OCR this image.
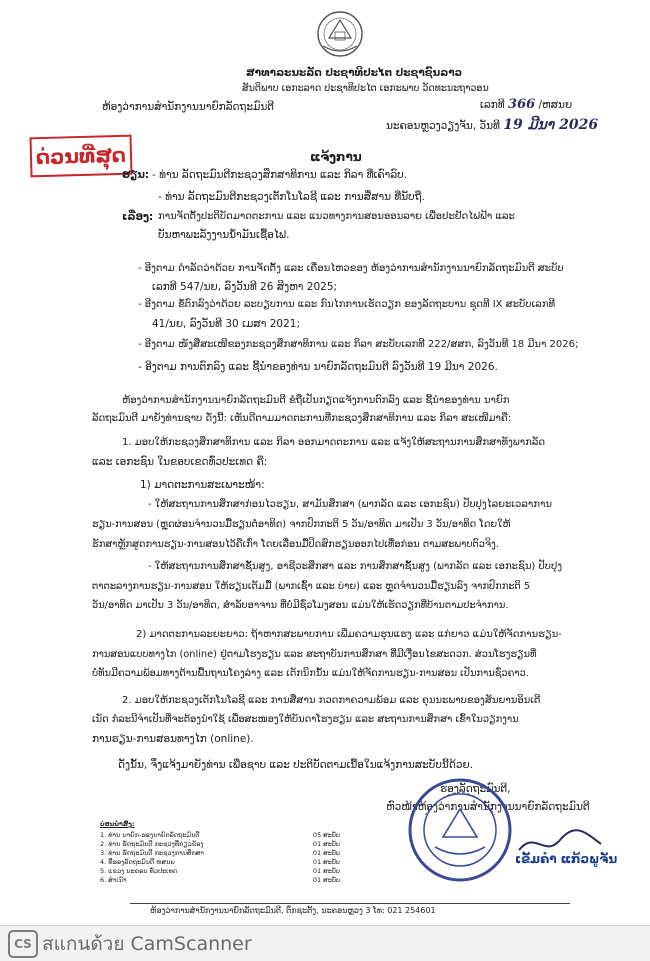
ສາທາລະນະລັດ ປະຊາທິປະໄຕ ປະຊາຊົນລາວ
ສັນຕິພາບ ເອກະລາດ ປະຊາທິປະໄຕ ເອກະພາບ ວັດທະນະຖາວອນ
ຫ້ອງວ່າການສໍານັກງານນາຍົກລັດຖະມົນຕີ	ເລກທີ 366 /ຫສນຍ
ນະຄອນຫຼວງວຽງຈັນ, ວັນທີ 19 ມີນາ 2026
ດ່ວນທີ່ສຸດ	ແຈ້ງການ
ຮຽນ: - ທ່ານ ລັດຖະມົນຕີກະຊວງສຶກສາທິການ ແລະ ກິລາ ທີ່ເຄົາລົບ.
- ທ່ານ ລັດຖະມົນຕີກະຊວງເຕັກໂນໂລຊີ ແລະ ການສື່ສານ ທີ່ນັບຖື.
ເລື່ອງ: ການຈັດຕັ້ງປະຕິບັດມາດຕະການ ແລະ ແນວທາງການສອນອອນລາຍ ເພື່ອປະຢັດໄຟຟ້າ ແລະ
ບັນຫາພະລັງງານນໍ້າມັນເຊື້ອໄຟ.
- ອີງຕາມ ດໍາລັດວ່າດ້ວຍ ການຈັດຕັ້ງ ແລະ ເຄື່ອນໄຫວຂອງ ຫ້ອງວ່າການສໍານັກງານນາຍົກລັດຖະມົນຕີ ສະບັບ
ເລກທີ 547/ນຍ, ລົງວັນທີ 26 ສິງຫາ 2025;
- ອີງຕາມ ຂໍ້ຕົກລົງວ່າດ້ວຍ ລະບຽບການ ແລະ ກົນໄກການເຮັດວຽກ ຂອງລັດຖະບານ ຊຸດທີ IX ສະບັບເລກທີ
41/ນຍ, ລົງວັນທີ 30 ເມສາ 2021;
- ອີງຕາມ ໜັງສືສະເໜີຂອງກະຊວງສຶກສາທິການ ແລະ ກິລາ ສະບັບເລກທີ 222/ສສກ, ລົງວັນທີ 18 ມີນາ 2026;
- ອີງຕາມ ການຕົກລົງ ແລະ ຊີ້ນໍາຂອງທ່ານ ນາຍົກລັດຖະມົນຕີ ລົງວັນທີ 19 ມີນາ 2026.
ຫ້ອງວ່າການສໍານັກງານນາຍົກລັດຖະມົນຕີ ຂໍຖືເປັນກຽດແຈ້ງການຕົກລົງ ແລະ ຊີ້ນໍາຂອງທ່ານ ນາຍົກ
ລັດຖະມົນຕີ ມາຍັງທ່ານຊາບ ດັ່ງນີ້: ເຫັນດີຕາມມາດຕະການທີ່ກະຊວງສຶກສາທິການ ແລະ ກິລາ ສະເໜີມາຄື:
1. ມອບໃຫ້ກະຊວງສຶກສາທິການ ແລະ ກິລາ ອອກມາດຕະການ ແລະ ແຈ້ງໃຫ້ສະຖານການສຶກສາທັງພາກລັດ
ແລະ ເອກະຊົນ ໃນຂອບເຂດທົ່ວປະເທດ ຄື:
1) ມາດຕະການສະເພາະໜ້າ:
- ໃຫ້ສະຖານການສຶກສາກ່ອນໄວຮຽນ, ສາມັນສຶກສາ (ພາກລັດ ແລະ ເອກະຊົນ) ປັບປຸງໄລຍະເວລາການ
ຮຽນ-ການສອນ (ຫຼຸດຜ່ອນຈໍານວນມື້ຮຽນຕໍ່ອາທິດ) ຈາກປົກກະຕິ 5 ວັນ/ອາທິດ ມາເປັນ 3 ວັນ/ອາທິດ ໂດຍໃຫ້
ຮັກສາຫຼັກສູດການຮຽນ-ການສອນໄວ້ຄືເກົ່າ ໂດຍເລື່ອນມື້ປິດສົກຮຽນອອກໄປເທື່ອກ່ອນ ຕາມສະພາບຕົວຈິງ.
- ໃຫ້ສະຖານການສຶກສາຊັ້ນສູງ, ອາຊີວະສຶກສາ ແລະ ການສຶກສາຊັ້ນສູງ (ພາກລັດ ແລະ ເອກະຊົນ) ປັບປຸງ
ຕາຕະລາງການຮຽນ-ການສອນ ໃຫ້ຮຽນເຕັມມື້ (ພາກເຊົ້າ ແລະ ບ່າຍ) ແລະ ຫຼຸດຈໍານວນມື້ຮຽນລົງ ຈາກປົກກະຕິ 5
ວັນ/ອາທິດ ມາເປັນ 3 ວັນ/ອາທິດ, ສໍາລັບອາຈານ ທີ່ບໍ່ມີຊົ່ວໂມງສອນ ແມ່ນໃຫ້ເຮັດວຽກທີ່ບ້ານຕາມປະຈໍາການ.
2) ມາດຕະການລະຍະຍາວ: ຖ້າຫາກສະພາບການ ເພີ່ມຄວາມຮຸນແຮງ ແລະ ແກ່ຍາວ ແມ່ນໃຫ້ຈັດການຮຽນ-
ການສອນແບບທາງໄກ (online) ຢູ່ຕາມໂຮງຮຽນ ແລະ ສະຖາບັນການສຶກສາ ທີ່ມີເງື່ອນໄຂສະດວກ. ສ່ວນໂຮງຮຽນທີ່
ບໍ່ທັນມີຄວາມພ້ອມທາງດ້ານພື້ນຖານໂຄງລ່າງ ແລະ ເຕັກນິກນັ້ນ ແມ່ນໃຫ້ຈັດການຮຽນ-ການສອນ ເປັນການຊົ່ວຄາວ.
2. ມອບໃຫ້ກະຊວງເຕັກໂນໂລຊີ ແລະ ການສື່ສານ ກວດກາຄວາມພ້ອມ ແລະ ຄຸນນະພາບຂອງສັນຍານອິນເຕີ
ເນັດ ກໍລະນີຈໍາເປັນທີ່ຈະຕ້ອງນໍາໃຊ້ ເພື່ອສະໜອງໃຫ້ບັນດາໂຮງຮຽນ ແລະ ສະຖານການສຶກສາ ເຂົ້າໃນວຽກງານ
ການຮຽນ-ການສອນທາງໄກ (online).
ດັ່ງນັ້ນ, ຈຶ່ງແຈ້ງມາຍັງທ່ານ ເພື່ອຊາບ ແລະ ປະຕິບັດຕາມເນື້ອໃນແຈ້ງການສະບັບນີ້ດ້ວຍ.
ຮອງລັດຖະມົນຕີ,
ຫົວໜ້າຫ້ອງວ່າການສໍານັກງານນາຍົກລັດຖະມົນຕີ
ເຂັ້ມຄໍາ ແກ້ວພູຈັນ
ບ່ອນນໍາສົ່ງ:
1. ທ່ານ ນາຍົກ-ຮອງນາຍົກລັດຖະມົນຕີ	05 ສະບັບ
2. ທ່ານ ຮັດຖະມົນຕີ ກະຊວງທີ່ກ່ຽວຂ້ອງ	01 ສະບັບ
3. ທ່ານ ຮັດຖະມົນຕີ ກະຊວງການສຶກສາ	01 ສະບັບ
4. ທີ່ຮອງລັດຖະມົນຕີ ຫສນຍ	01 ສະບັບ
5. ແຂວງ ນະຄອນ ທົ່ວປະເທດ	01 ສະບັບ
6. ສໍາເນົາ	01 ສະບັບ
ຫ້ອງວ່າການສໍານັກງານນາຍົກລັດຖະມົນຕີ, ຕຶກຊະຕັ້ງ, ນະຄອນຫຼວງ 3 ໂທ: 021 254601
CS สแกนด้วย CamScanner
